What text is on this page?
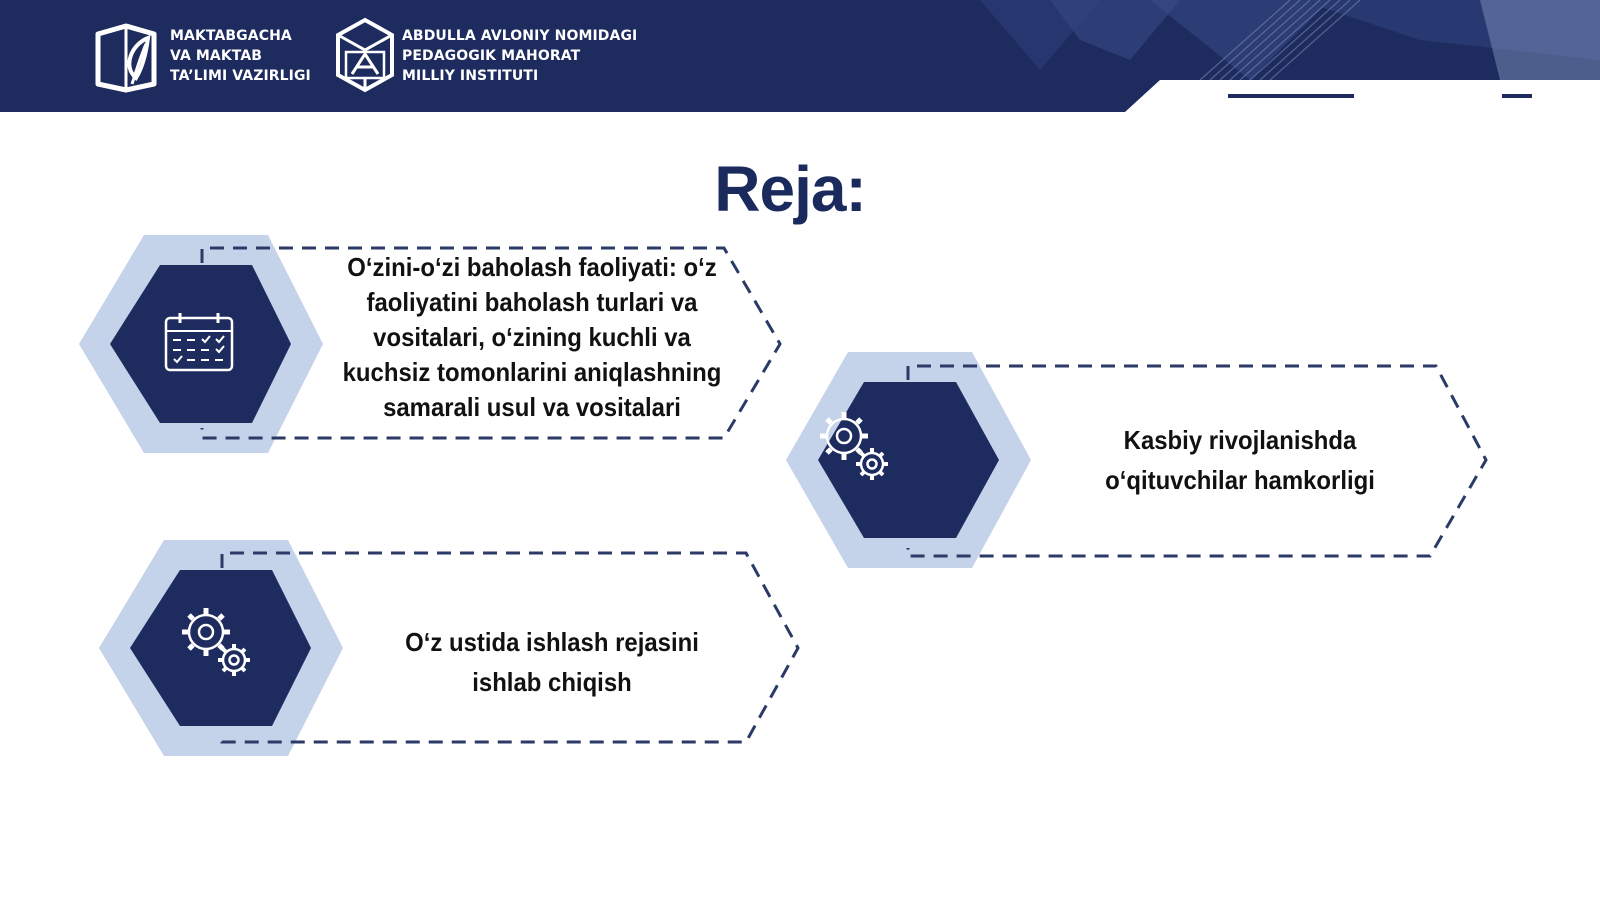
MAKTABGACHA
VA MAKTAB
TA’LIMI VAZIRLIGI
ABDULLA AVLONIY NOMIDAGI
PEDAGOGIK MAHORAT
MILLIY INSTITUTI
Reja:
O‘zini-o‘zi baholash faoliyati: o‘z
faoliyatini baholash turlari va
vositalari, o‘zining kuchli va
kuchsiz tomonlarini aniqlashning
samarali usul va vositalari
Kasbiy rivojlanishda
o‘qituvchilar hamkorligi
O‘z ustida ishlash rejasini
ishlab chiqish
